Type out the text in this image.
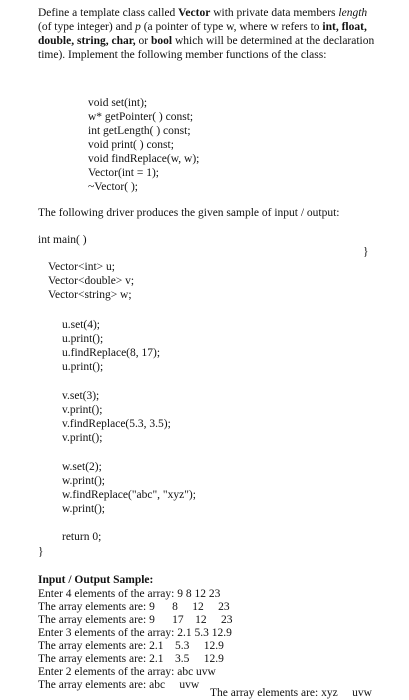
Define a template class called Vector with private data members length (of type integer) and p (a pointer of type w, where w refers to int, float, double, string, char, or bool which will be determined at the declaration time). Implement the following member functions of the class:
void set(int);
w* getPointer( ) const;
int getLength( ) const;
void print( ) const;
void findReplace(w, w);
Vector(int = 1);
~Vector( );
The following driver produces the given sample of input / output:
int main( )
}
Vector<int> u;
Vector<double> v;
Vector<string> w;
u.set(4);
u.print();
u.findReplace(8, 17);
u.print();
v.set(3);
v.print();
v.findReplace(5.3, 3.5);
v.print();
w.set(2);
w.print();
w.findReplace("abc", "xyz");
w.print();
return 0;
}
Input / Output Sample:
Enter 4 elements of the array: 9 8 12 23
The array elements are: 9      8     12     23
The array elements are: 9      17    12     23
Enter 3 elements of the array: 2.1 5.3 12.9
The array elements are: 2.1    5.3     12.9
The array elements are: 2.1    3.5     12.9
Enter 2 elements of the array: abc uvw
The array elements are: abc     uvw
The array elements are: xyz     uvw
